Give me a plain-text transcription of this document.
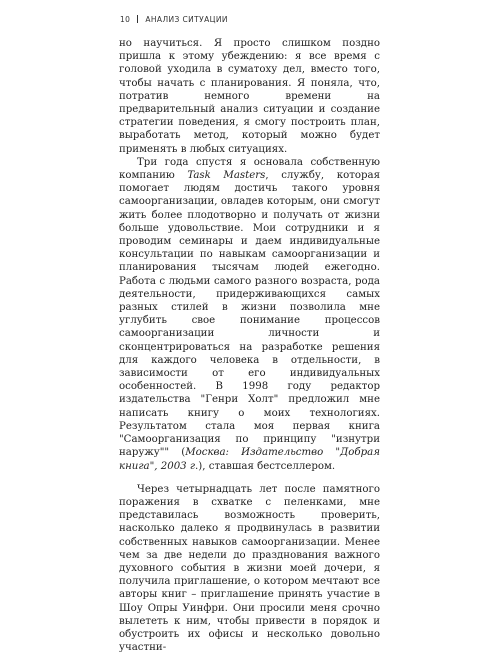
10 АНАЛИЗ СИТУАЦИИ

но научиться. Я просто слишком поздно пришла к этому убеждению: я все время с головой уходила в суматоху дел, вместо того, чтобы начать с планирования. Я поняла, что, потратив немного времени на предварительный анализ ситуации и создание стратегии поведения, я смогу построить план, выработать метод, который можно будет применять в любых ситуациях.

Три года спустя я основала собственную компанию Task Masters, службу, которая помогает людям достичь такого уровня самоорганизации, овладев которым, они смогут жить более плодотворно и получать от жизни больше удовольствие. Мои сотрудники и я проводим семинары и даем индивидуальные консультации по навыкам самоорганизации и планирования тысячам людей ежегодно. Работа с людьми самого разного возраста, рода деятельности, придерживающихся самых разных стилей в жизни позволила мне углубить свое понимание процессов самоорганизации личности и сконцентрироваться на разработке решения для каждого человека в отдельности, в зависимости от его индивидуальных особенностей. В 1998 году редактор издательства "Генри Холт" предложил мне написать книгу о моих технологиях. Результатом стала моя первая книга "Самоорганизация по принципу "изнутри наружу"" (Москва: Издательство "Добрая книга", 2003 г.), ставшая бестселлером.

Через четырнадцать лет после памятного поражения в схватке с пеленками, мне представилась возможность проверить, насколько далеко я продвинулась в развитии собственных навыков самоорганизации. Менее чем за две недели до празднования важного духовного события в жизни моей дочери, я получила приглашение, о котором мечтают все авторы книг – приглашение принять участие в Шоу Опры Уинфри. Они просили меня срочно вылететь к ним, чтобы привести в порядок и обустроить их офисы и несколько довольно участни-
